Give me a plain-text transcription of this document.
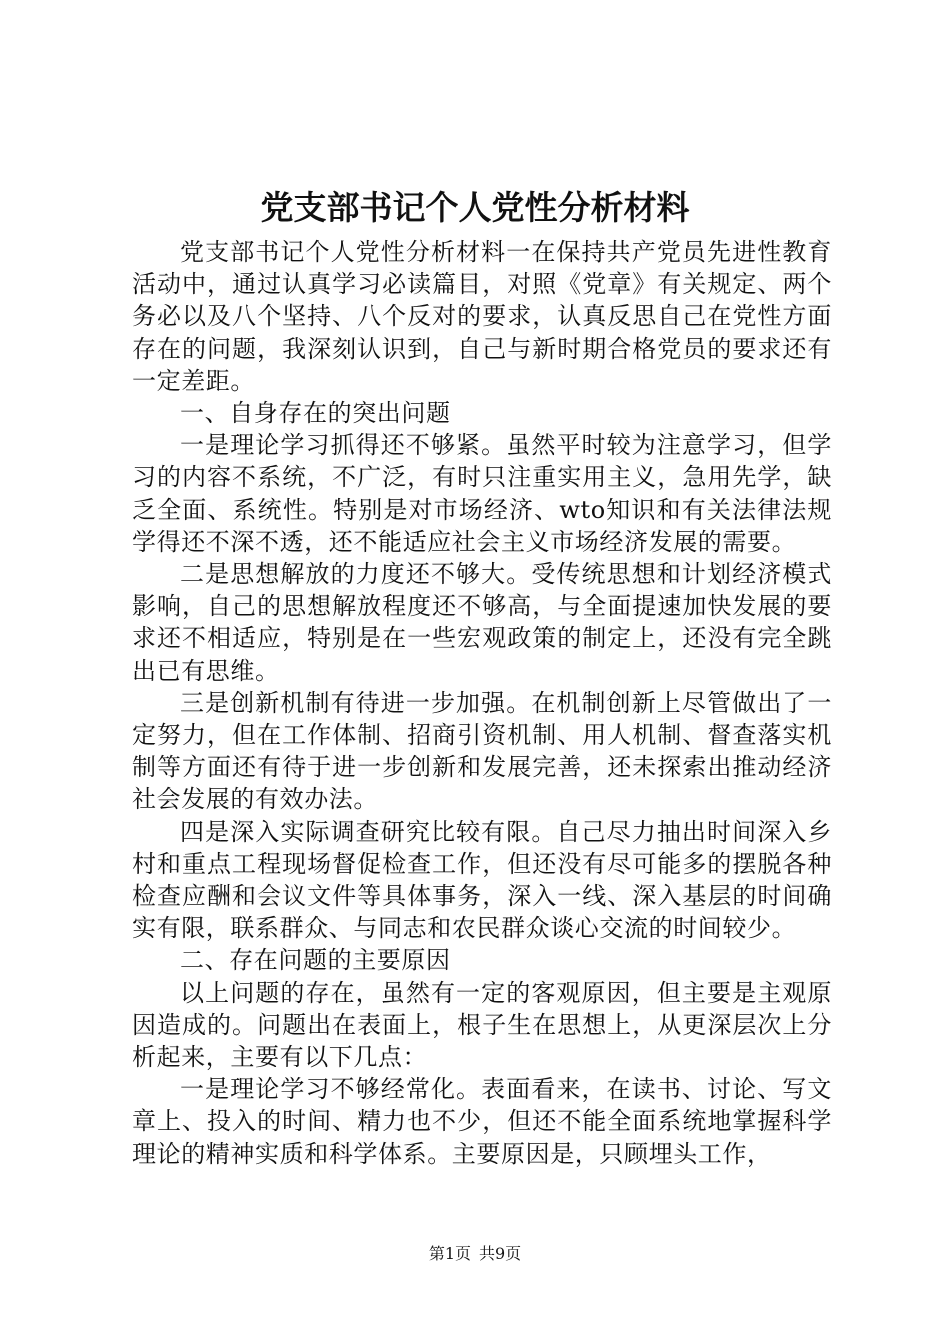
党支部书记个人党性分析材料

党支部书记个人党性分析材料一在保持共产党员先进性教育活动中，通过认真学习必读篇目，对照《党章》有关规定、两个务必以及八个坚持、八个反对的要求，认真反思自己在党性方面存在的问题，我深刻认识到，自己与新时期合格党员的要求还有一定差距。

一、自身存在的突出问题

一是理论学习抓得还不够紧。虽然平时较为注意学习，但学习的内容不系统，不广泛，有时只注重实用主义，急用先学，缺乏全面、系统性。特别是对市场经济、wto知识和有关法律法规学得还不深不透，还不能适应社会主义市场经济发展的需要。

二是思想解放的力度还不够大。受传统思想和计划经济模式影响，自己的思想解放程度还不够高，与全面提速加快发展的要求还不相适应，特别是在一些宏观政策的制定上，还没有完全跳出已有思维。

三是创新机制有待进一步加强。在机制创新上尽管做出了一定努力，但在工作体制、招商引资机制、用人机制、督查落实机制等方面还有待于进一步创新和发展完善，还未探索出推动经济社会发展的有效办法。

四是深入实际调查研究比较有限。自己尽力抽出时间深入乡村和重点工程现场督促检查工作，但还没有尽可能多的摆脱各种检查应酬和会议文件等具体事务，深入一线、深入基层的时间确实有限，联系群众、与同志和农民群众谈心交流的时间较少。

二、存在问题的主要原因

以上问题的存在，虽然有一定的客观原因，但主要是主观原因造成的。问题出在表面上，根子生在思想上，从更深层次上分析起来，主要有以下几点：

一是理论学习不够经常化。表面看来，在读书、讨论、写文章上、投入的时间、精力也不少，但还不能全面系统地掌握科学理论的精神实质和科学体系。主要原因是，只顾埋头工作，

第1页 共9页
